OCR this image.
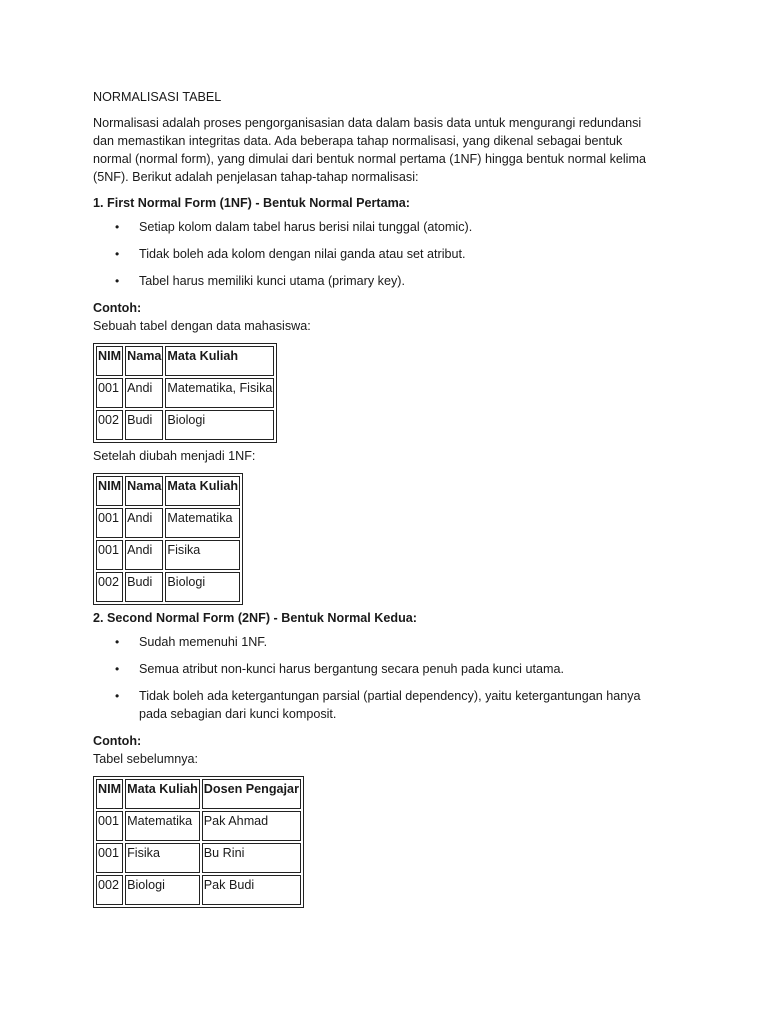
NORMALISASI TABEL

Normalisasi adalah proses pengorganisasian data dalam basis data untuk mengurangi redundansi dan memastikan integritas data. Ada beberapa tahap normalisasi, yang dikenal sebagai bentuk normal (normal form), yang dimulai dari bentuk normal pertama (1NF) hingga bentuk normal kelima (5NF). Berikut adalah penjelasan tahap-tahap normalisasi:

1. First Normal Form (1NF) - Bentuk Normal Pertama:

• Setiap kolom dalam tabel harus berisi nilai tunggal (atomic).
• Tidak boleh ada kolom dengan nilai ganda atau set atribut.
• Tabel harus memiliki kunci utama (primary key).

Contoh:

Sebuah tabel dengan data mahasiswa:

NIM	Nama	Mata Kuliah
001	Andi	Matematika, Fisika
002	Budi	Biologi

Setelah diubah menjadi 1NF:

NIM	Nama	Mata Kuliah
001	Andi	Matematika
001	Andi	Fisika
002	Budi	Biologi

2. Second Normal Form (2NF) - Bentuk Normal Kedua:

• Sudah memenuhi 1NF.
• Semua atribut non-kunci harus bergantung secara penuh pada kunci utama.
• Tidak boleh ada ketergantungan parsial (partial dependency), yaitu ketergantungan hanya pada sebagian dari kunci komposit.

Contoh:

Tabel sebelumnya:

NIM	Mata Kuliah	Dosen Pengajar
001	Matematika	Pak Ahmad
001	Fisika	Bu Rini
002	Biologi	Pak Budi
